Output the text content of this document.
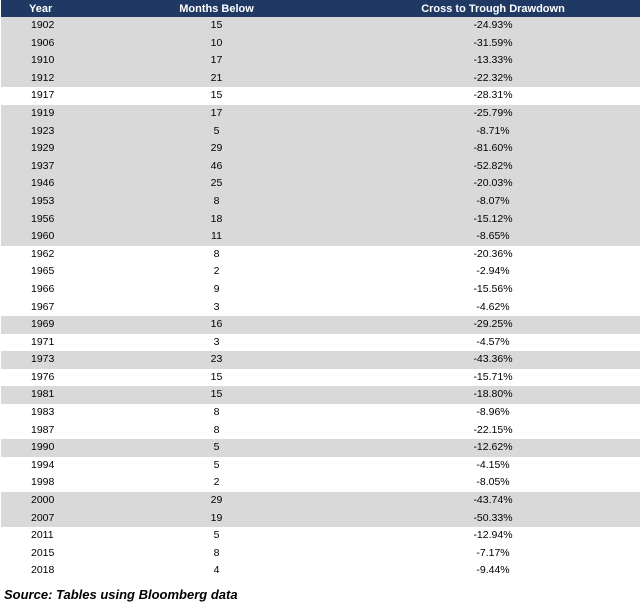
Year	Months Below	Cross to Trough Drawdown
1902	15	-24.93%
1906	10	-31.59%
1910	17	-13.33%
1912	21	-22.32%
1917	15	-28.31%
1919	17	-25.79%
1923	5	-8.71%
1929	29	-81.60%
1937	46	-52.82%
1946	25	-20.03%
1953	8	-8.07%
1956	18	-15.12%
1960	11	-8.65%
1962	8	-20.36%
1965	2	-2.94%
1966	9	-15.56%
1967	3	-4.62%
1969	16	-29.25%
1971	3	-4.57%
1973	23	-43.36%
1976	15	-15.71%
1981	15	-18.80%
1983	8	-8.96%
1987	8	-22.15%
1990	5	-12.62%
1994	5	-4.15%
1998	2	-8.05%
2000	29	-43.74%
2007	19	-50.33%
2011	5	-12.94%
2015	8	-7.17%
2018	4	-9.44%
Source: Tables using Bloomberg data
